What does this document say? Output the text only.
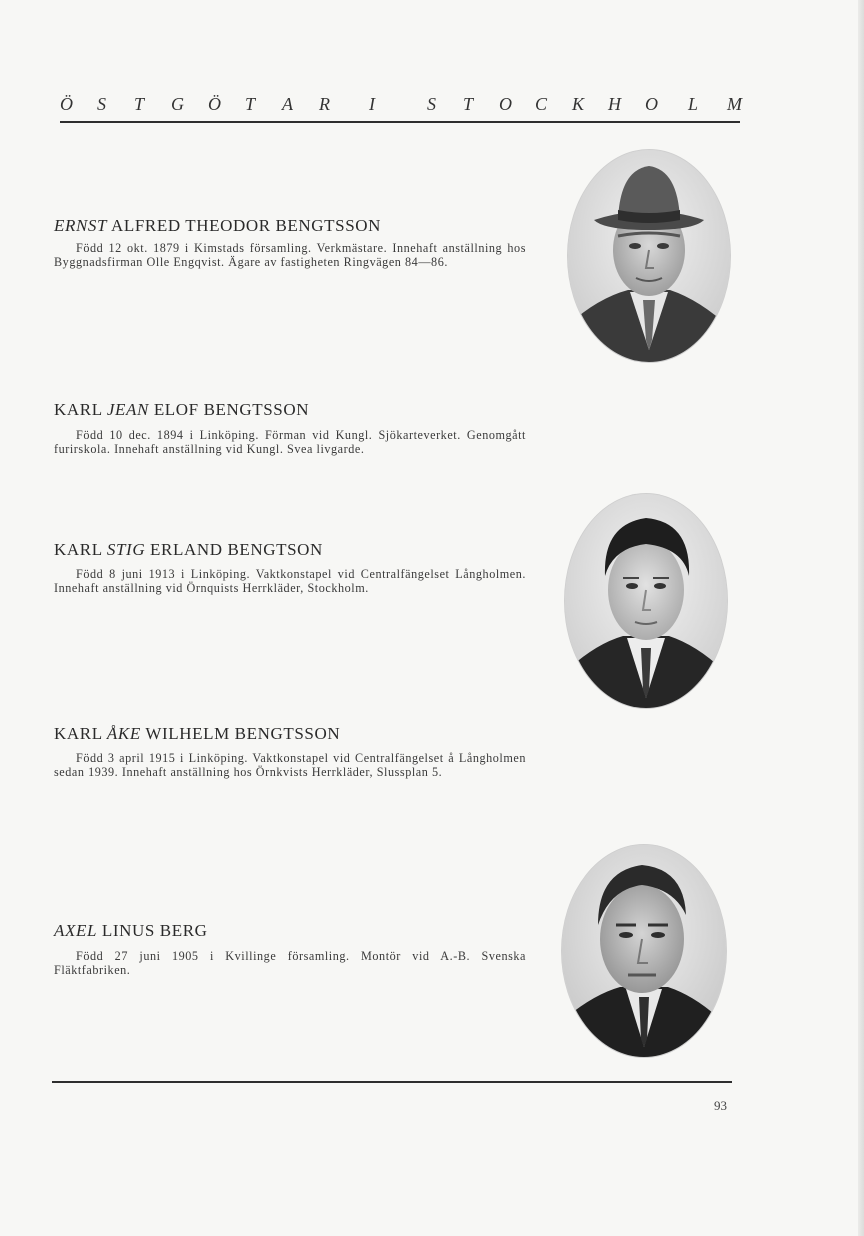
Ö S T G Ö T A R I	S T O C K H O L M
ERNST ALFRED THEODOR BENGTSSON
Född 12 okt. 1879 i Kimstads församling. Verkmästare. Innehaft anställning hos Byggnadsfirman Olle Engqvist. Ägare av fastigheten Ringvägen 84—86.
KARL JEAN ELOF BENGTSSON
Född 10 dec. 1894 i Linköping. Förman vid Kungl. Sjökarteverket. Genomgått furirskola. Innehaft anställning vid Kungl. Svea livgarde.
KARL STIG ERLAND BENGTSON
Född 8 juni 1913 i Linköping. Vaktkonstapel vid Centralfängelset Långholmen. Innehaft anställning vid Örnquists Herrkläder, Stockholm.
KARL ÅKE WILHELM BENGTSSON
Född 3 april 1915 i Linköping. Vaktkonstapel vid Centralfängelset å Långholmen sedan 1939. Innehaft anställning hos Örnkvists Herrkläder, Slussplan 5.
AXEL LINUS BERG
Född 27 juni 1905 i Kvillinge församling. Montör vid A.-B. Svenska Fläktfabriken.
93
